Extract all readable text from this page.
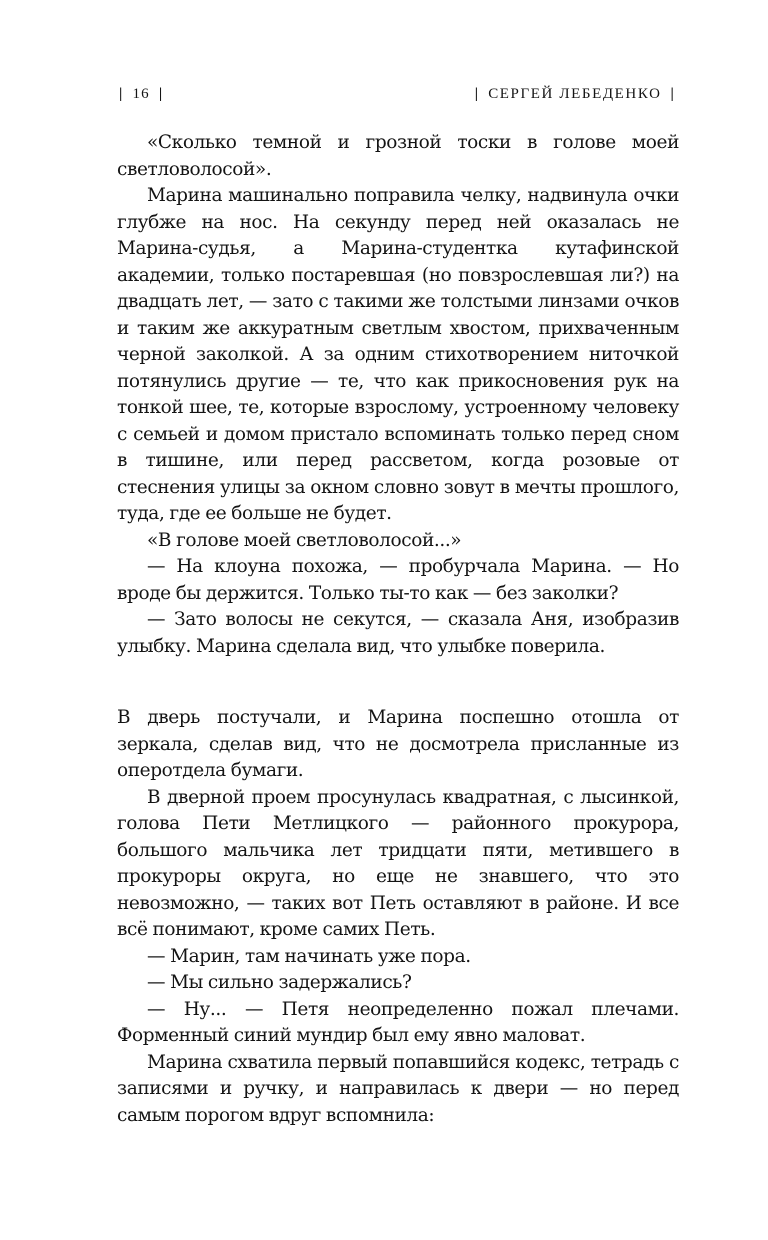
| 16 |	| СЕРГЕЙ ЛЕБЕДЕНКО |

«Сколько темной и грозной тоски в голове моей светловолосой».

Марина машинально поправила челку, надвинула очки глубже на нос. На секунду перед ней оказалась не Марина-судья, а Марина-студентка кутафинской академии, только постаревшая (но повзрослевшая ли?) на двадцать лет, — зато с такими же толстыми линзами очков и таким же аккуратным светлым хвостом, прихваченным черной заколкой. А за одним стихотворением ниточкой потянулись другие — те, что как прикосновения рук на тонкой шее, те, которые взрослому, устроенному человеку с семьей и домом пристало вспоминать только перед сном в тишине, или перед рассветом, когда розовые от стеснения улицы за окном словно зовут в мечты прошлого, туда, где ее больше не будет.

«В голове моей светловолосой...»

— На клоуна похожа, — пробурчала Марина. — Но вроде бы держится. Только ты-то как — без заколки?

— Зато волосы не секутся, — сказала Аня, изобразив улыбку. Марина сделала вид, что улыбке поверила.

В дверь постучали, и Марина поспешно отошла от зеркала, сделав вид, что не досмотрела присланные из оперотдела бумаги.

В дверной проем просунулась квадратная, с лысинкой, голова Пети Метлицкого — районного прокурора, большого мальчика лет тридцати пяти, метившего в прокуроры округа, но еще не знавшего, что это невозможно, — таких вот Петь оставляют в районе. И все всё понимают, кроме самих Петь.

— Марин, там начинать уже пора.

— Мы сильно задержались?

— Ну... — Петя неопределенно пожал плечами. Форменный синий мундир был ему явно маловат.

Марина схватила первый попавшийся кодекс, тетрадь с записями и ручку, и направилась к двери — но перед самым порогом вдруг вспомнила:
